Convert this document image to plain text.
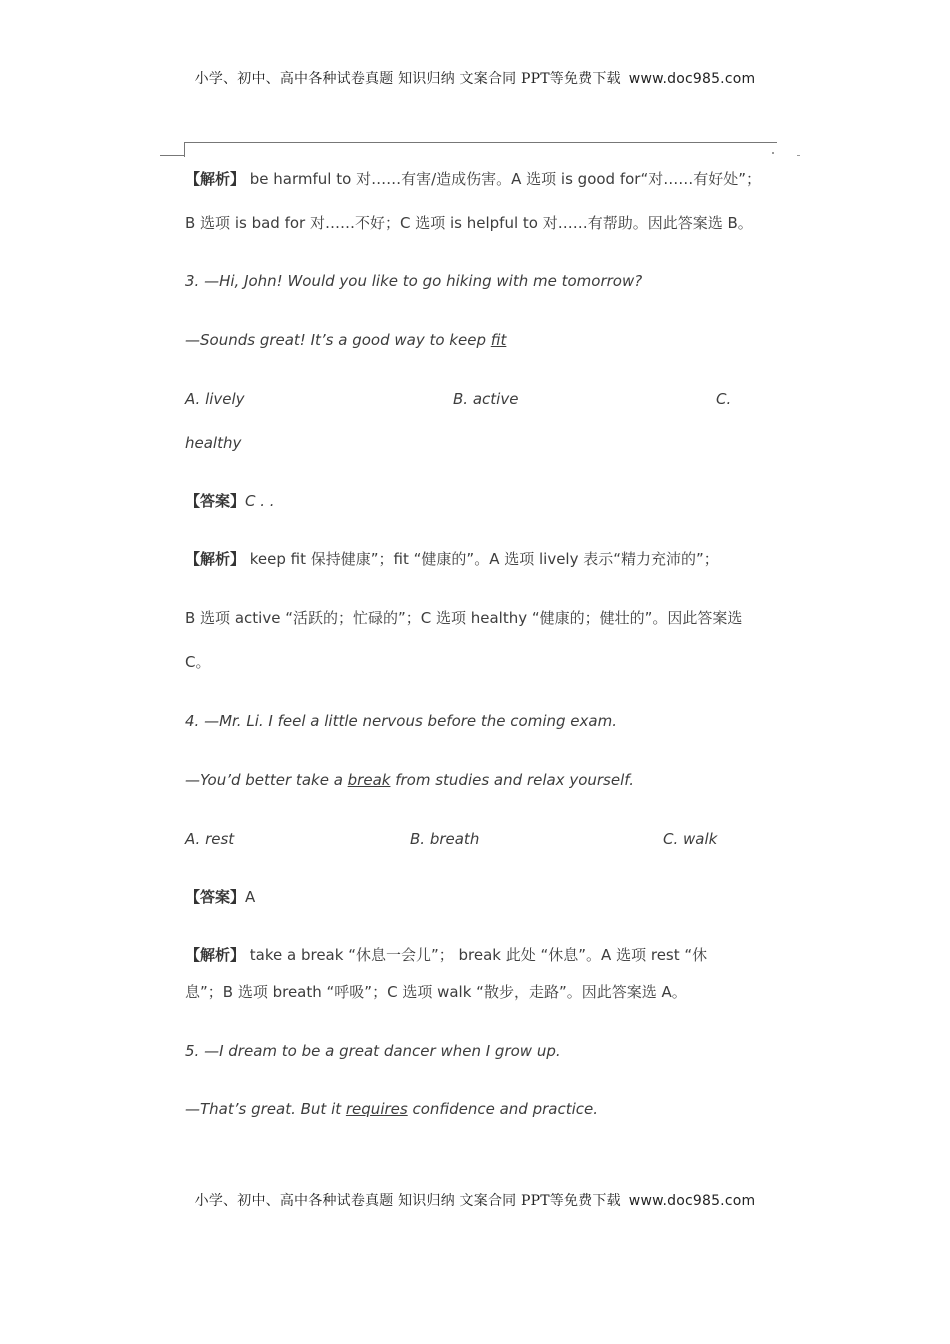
小学、初中、高中各种试卷真题 知识归纳 文案合同 PPT等免费下载 www.doc985.com
【解析】 be harmful to 对……有害/造成伤害。A 选项 is good for“对……有好处”；
B 选项 is bad for 对……不好；C 选项 is helpful to 对……有帮助。因此答案选 B。
3. —Hi, John! Would you like to go hiking with me tomorrow?
—Sounds great! It’s a good way to keep fit
A. lively	B. active	C.
healthy
【答案】C . .
【解析】 keep fit 保持健康”；fit “健康的”。A 选项 lively 表示“精力充沛的”；
B 选项 active “活跃的；忙碌的”；C 选项 healthy “健康的；健壮的”。因此答案选
C。
4. —Mr. Li. I feel a little nervous before the coming exam.
—You’d better take a break from studies and relax yourself.
A. rest	B. breath	C. walk
【答案】A
【解析】 take a break “休息一会儿”； break 此处 “休息”。A 选项 rest “休
息”；B 选项 breath “呼吸”；C 选项 walk “散步，走路”。因此答案选 A。
5. —I dream to be a great dancer when I grow up.
—That’s great. But it requires confidence and practice.
小学、初中、高中各种试卷真题 知识归纳 文案合同 PPT等免费下载 www.doc985.com
